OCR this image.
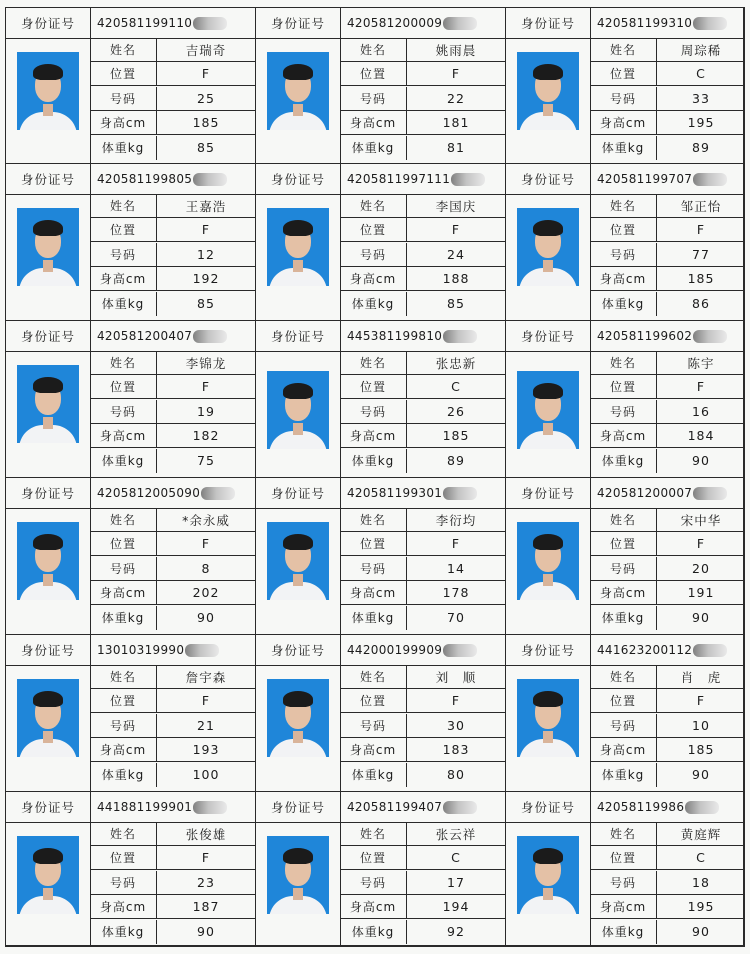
身份证号	420581199110
姓名	吉瑞奇
位置	F
号码	25
身高cm	185
体重kg	85
身份证号	420581200009
姓名	姚雨晨
位置	F
号码	22
身高cm	181
体重kg	81
身份证号	420581199310
姓名	周琮稀
位置	C
号码	33
身高cm	195
体重kg	89
身份证号	420581199805
姓名	王嘉浩
位置	F
号码	12
身高cm	192
体重kg	85
身份证号	4205811997111
姓名	李国庆
位置	F
号码	24
身高cm	188
体重kg	85
身份证号	420581199707
姓名	邹正怡
位置	F
号码	77
身高cm	185
体重kg	86
身份证号	420581200407
姓名	李锦龙
位置	F
号码	19
身高cm	182
体重kg	75
身份证号	445381199810
姓名	张忠新
位置	C
号码	26
身高cm	185
体重kg	89
身份证号	420581199602
姓名	陈宇
位置	F
号码	16
身高cm	184
体重kg	90
身份证号	4205812005090
姓名	*余永威
位置	F
号码	8
身高cm	202
体重kg	90
身份证号	420581199301
姓名	李衍均
位置	F
号码	14
身高cm	178
体重kg	70
身份证号	420581200007
姓名	宋中华
位置	F
号码	20
身高cm	191
体重kg	90
身份证号	13010319990
姓名	詹宇森
位置	F
号码	21
身高cm	193
体重kg	100
身份证号	442000199909
姓名	刘　顺
位置	F
号码	30
身高cm	183
体重kg	80
身份证号	441623200112
姓名	肖　虎
位置	F
号码	10
身高cm	185
体重kg	90
身份证号	441881199901
姓名	张俊雄
位置	F
号码	23
身高cm	187
体重kg	90
身份证号	420581199407
姓名	张云祥
位置	C
号码	17
身高cm	194
体重kg	92
身份证号	42058119986
姓名	黄庭辉
位置	C
号码	18
身高cm	195
体重kg	90
